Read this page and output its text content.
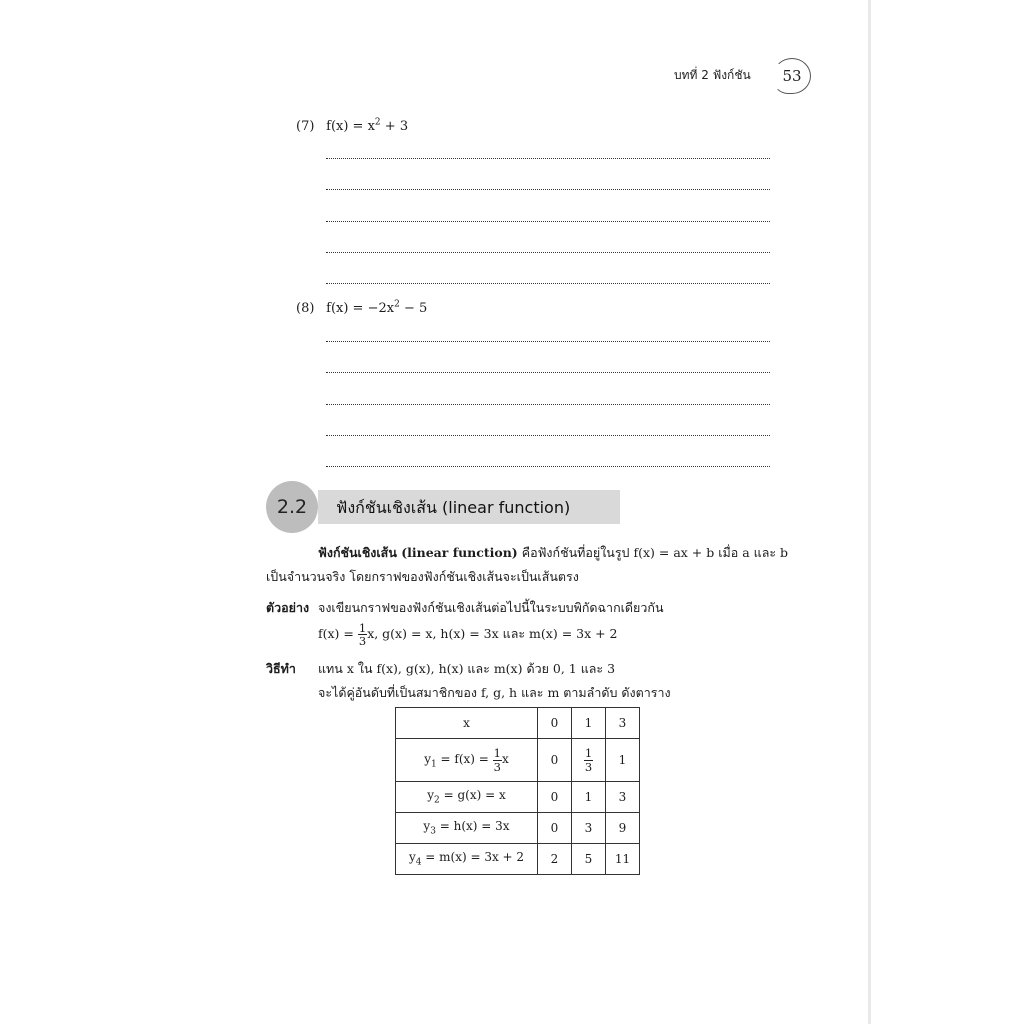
บทที่ 2 ฟังก์ชัน	53
(7) $f(x) = x^2 + 3$
(8) $f(x) = -2x^2 - 5$
2.2	ฟังก์ชันเชิงเส้น (linear function)
ฟังก์ชันเชิงเส้น (linear function) คือฟังก์ชันที่อยู่ในรูป f(x) = ax + b เมื่อ a และ b
เป็นจำนวนจริง โดยกราฟของฟังก์ชันเชิงเส้นจะเป็นเส้นตรง
ตัวอย่าง จงเขียนกราฟของฟังก์ชันเชิงเส้นต่อไปนี้ในระบบพิกัดฉากเดียวกัน
$f(x) = \frac{1}{3} x$, g(x) = x, h(x) = 3x และ m(x) = 3x + 2
วิธีทำ แทน x ใน f(x), g(x), h(x) และ m(x) ด้วย 0, 1 และ 3
จะได้คู่อันดับที่เป็นสมาชิกของ f, g, h และ m ตามลำดับ ดังตาราง
x	0	1	3
$y_1 = f(x) = \frac{1}{3}$ x	0	$\frac{1}{3}$	1
$y_2 = g(x) = x$	0	1	3
$y_3 = h(x) = 3x$	0	3	9
$y_4 = m(x) = 3x + 2$	2	5	11
